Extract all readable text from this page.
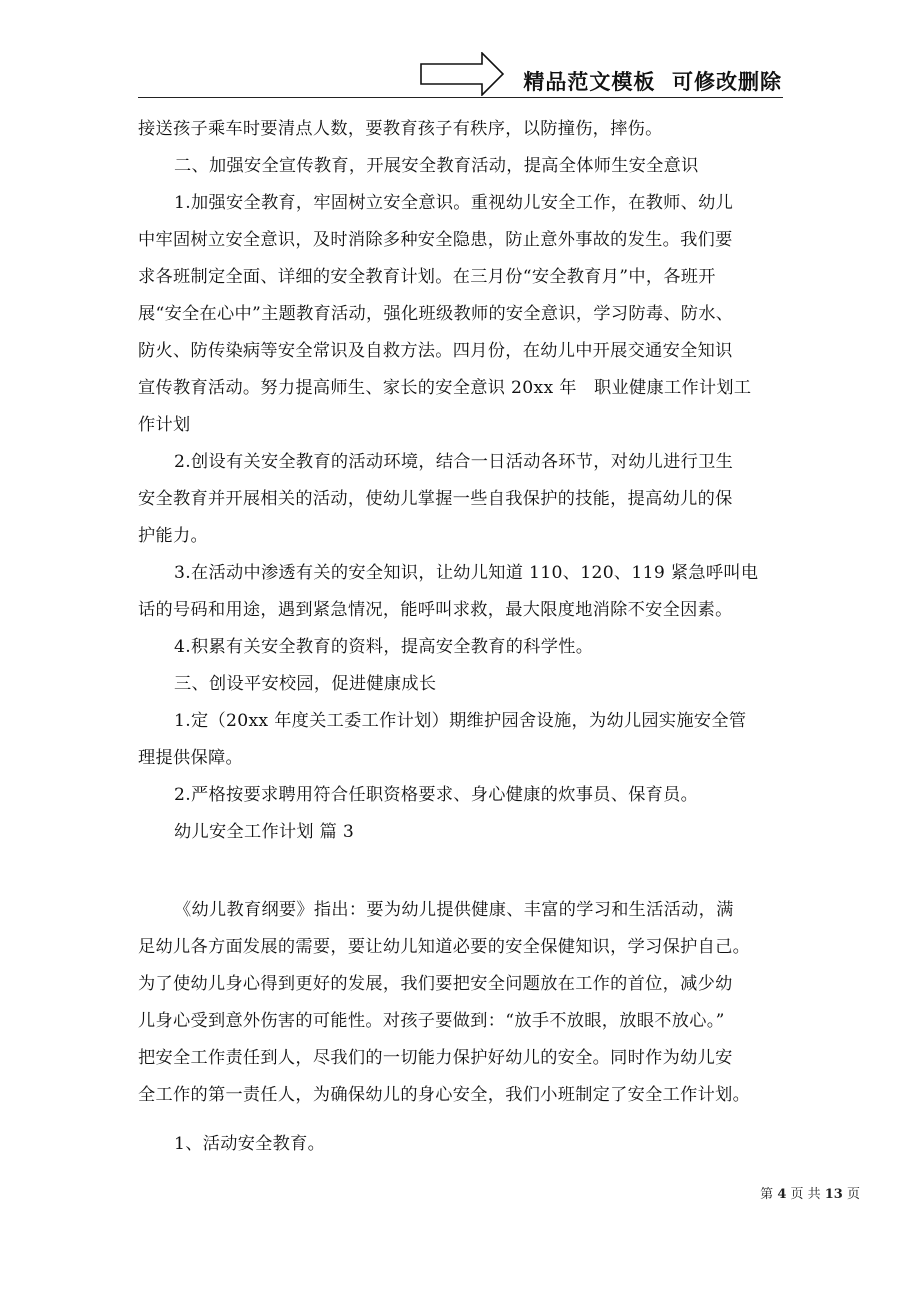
精品范文模板  可修改删除
接送孩子乘车时要清点人数，要教育孩子有秩序，以防撞伤，摔伤。
二、加强安全宣传教育，开展安全教育活动，提高全体师生安全意识
1.加强安全教育，牢固树立安全意识。重视幼儿安全工作，在教师、幼儿
中牢固树立安全意识，及时消除多种安全隐患，防止意外事故的发生。我们要
求各班制定全面、详细的安全教育计划。在三月份“安全教育月”中，各班开
展“安全在心中”主题教育活动，强化班级教师的安全意识，学习防毒、防水、
防火、防传染病等安全常识及自救方法。四月份，在幼儿中开展交通安全知识
宣传教育活动。努力提高师生、家长的安全意识 20xx 年   职业健康工作计划工
作计划
2.创设有关安全教育的活动环境，结合一日活动各环节，对幼儿进行卫生
安全教育并开展相关的活动，使幼儿掌握一些自我保护的技能，提高幼儿的保
护能力。
3.在活动中渗透有关的安全知识，让幼儿知道 110、120、119 紧急呼叫电
话的号码和用途，遇到紧急情况，能呼叫求救，最大限度地消除不安全因素。
4.积累有关安全教育的资料，提高安全教育的科学性。
三、创设平安校园，促进健康成长
1.定（20xx 年度关工委工作计划）期维护园舍设施，为幼儿园实施安全管
理提供保障。
2.严格按要求聘用符合任职资格要求、身心健康的炊事员、保育员。
幼儿安全工作计划 篇 3
《幼儿教育纲要》指出：要为幼儿提供健康、丰富的学习和生活活动，满
足幼儿各方面发展的需要，要让幼儿知道必要的安全保健知识，学习保护自己。
为了使幼儿身心得到更好的发展，我们要把安全问题放在工作的首位，减少幼
儿身心受到意外伤害的可能性。对孩子要做到：“放手不放眼，放眼不放心。”
把安全工作责任到人，尽我们的一切能力保护好幼儿的安全。同时作为幼儿安
全工作的第一责任人，为确保幼儿的身心安全，我们小班制定了安全工作计划。
1、活动安全教育。
第 4 页 共 13 页
